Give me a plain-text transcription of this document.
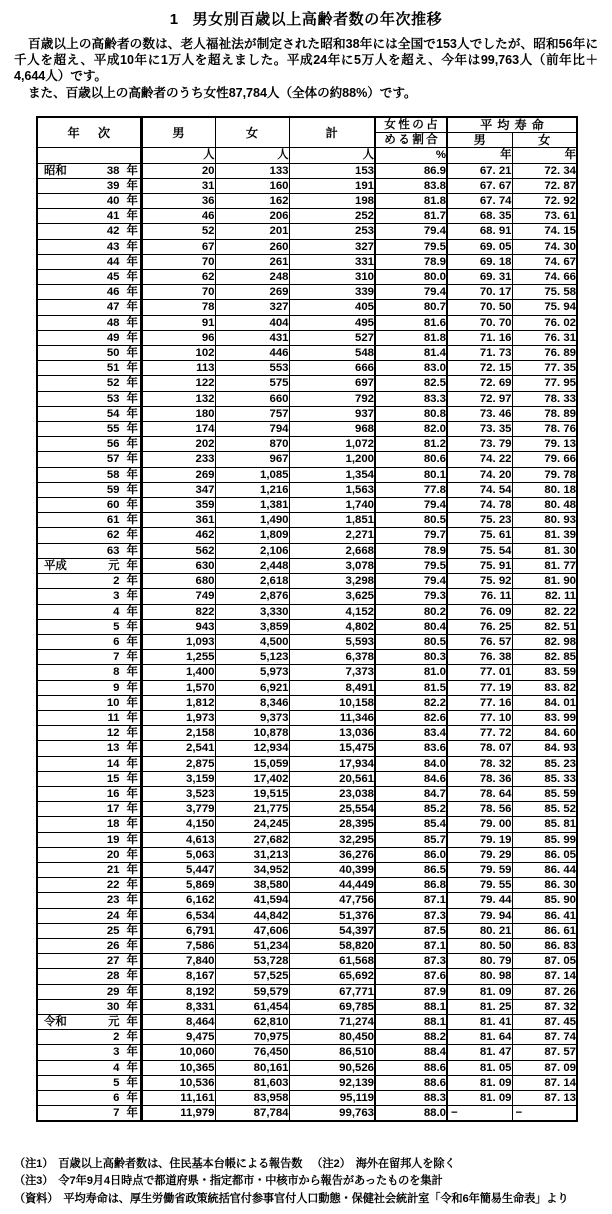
1 男女別百歳以上高齢者数の年次推移

百歳以上の高齢者の数は、老人福祉法が制定された昭和38年には全国で153人でしたが、昭和56年に千人を超え、平成10年に1万人を超えました。平成24年に5万人を超え、今年は99,763人（前年比＋4,644人）です。

また、百歳以上の高齢者のうち女性87,784人（全体の約88%）です。

年　次	男	女	計	女性の占	平均寿命	
				める割合	男	女
	人	人	人	%	年	年

昭和 38 年	20	133	153	86.9	67. 21	72. 34

39 年	31	160	191	83.8	67. 67	72. 87

40 年	36	162	198	81.8	67. 74	72. 92

41 年	46	206	252	81.7	68. 35	73. 61

42 年	52	201	253	79.4	68. 91	74. 15

43 年	67	260	327	79.5	69. 05	74. 30

44 年	70	261	331	78.9	69. 18	74. 67

45 年	62	248	310	80.0	69. 31	74. 66

46 年	70	269	339	79.4	70. 17	75. 58

47 年	78	327	405	80.7	70. 50	75. 94

48 年	91	404	495	81.6	70. 70	76. 02

49 年	96	431	527	81.8	71. 16	76. 31

50 年	102	446	548	81.4	71. 73	76. 89

51 年	113	553	666	83.0	72. 15	77. 35

52 年	122	575	697	82.5	72. 69	77. 95

53 年	132	660	792	83.3	72. 97	78. 33

54 年	180	757	937	80.8	73. 46	78. 89

55 年	174	794	968	82.0	73. 35	78. 76

56 年	202	870	1,072	81.2	73. 79	79. 13

57 年	233	967	1,200	80.6	74. 22	79. 66

58 年	269	1,085	1,354	80.1	74. 20	79. 78

59 年	347	1,216	1,563	77.8	74. 54	80. 18

60 年	359	1,381	1,740	79.4	74. 78	80. 48

61 年	361	1,490	1,851	80.5	75. 23	80. 93

62 年	462	1,809	2,271	79.7	75. 61	81. 39

63 年	562	2,106	2,668	78.9	75. 54	81. 30

平成 元 年	630	2,448	3,078	79.5	75. 91	81. 77

2 年	680	2,618	3,298	79.4	75. 92	81. 90

3 年	749	2,876	3,625	79.3	76. 11	82. 11

4 年	822	3,330	4,152	80.2	76. 09	82. 22

5 年	943	3,859	4,802	80.4	76. 25	82. 51

6 年	1,093	4,500	5,593	80.5	76. 57	82. 98

7 年	1,255	5,123	6,378	80.3	76. 38	82. 85

8 年	1,400	5,973	7,373	81.0	77. 01	83. 59

9 年	1,570	6,921	8,491	81.5	77. 19	83. 82

10 年	1,812	8,346	10,158	82.2	77. 16	84. 01

11 年	1,973	9,373	11,346	82.6	77. 10	83. 99

12 年	2,158	10,878	13,036	83.4	77. 72	84. 60

13 年	2,541	12,934	15,475	83.6	78. 07	84. 93

14 年	2,875	15,059	17,934	84.0	78. 32	85. 23

15 年	3,159	17,402	20,561	84.6	78. 36	85. 33

16 年	3,523	19,515	23,038	84.7	78. 64	85. 59

17 年	3,779	21,775	25,554	85.2	78. 56	85. 52

18 年	4,150	24,245	28,395	85.4	79. 00	85. 81

19 年	4,613	27,682	32,295	85.7	79. 19	85. 99

20 年	5,063	31,213	36,276	86.0	79. 29	86. 05

21 年	5,447	34,952	40,399	86.5	79. 59	86. 44

22 年	5,869	38,580	44,449	86.8	79. 55	86. 30

23 年	6,162	41,594	47,756	87.1	79. 44	85. 90

24 年	6,534	44,842	51,376	87.3	79. 94	86. 41

25 年	6,791	47,606	54,397	87.5	80. 21	86. 61

26 年	7,586	51,234	58,820	87.1	80. 50	86. 83

27 年	7,840	53,728	61,568	87.3	80. 79	87. 05

28 年	8,167	57,525	65,692	87.6	80. 98	87. 14

29 年	8,192	59,579	67,771	87.9	81. 09	87. 26

30 年	8,331	61,454	69,785	88.1	81. 25	87. 32

令和 元 年	8,464	62,810	71,274	88.1	81. 41	87. 45

2 年	9,475	70,975	80,450	88.2	81. 64	87. 74

3 年	10,060	76,450	86,510	88.4	81. 47	87. 57

4 年	10,365	80,161	90,526	88.6	81. 05	87. 09

5 年	10,536	81,603	92,139	88.6	81. 09	87. 14

6 年	11,161	83,958	95,119	88.3	81. 09	87. 13

7 年	11,979	87,784	99,763	88.0	−	−
（注1） 百歳以上高齢者数は、住民基本台帳による報告数 （注2） 海外在留邦人を除く
（注3） 令7年9月4日時点で都道府県・指定都市・中核市から報告があったものを集計
（資料） 平均寿命は、厚生労働省政策統括官付参事官付人口動態・保健社会統計室「令和6年簡易生命表」より
